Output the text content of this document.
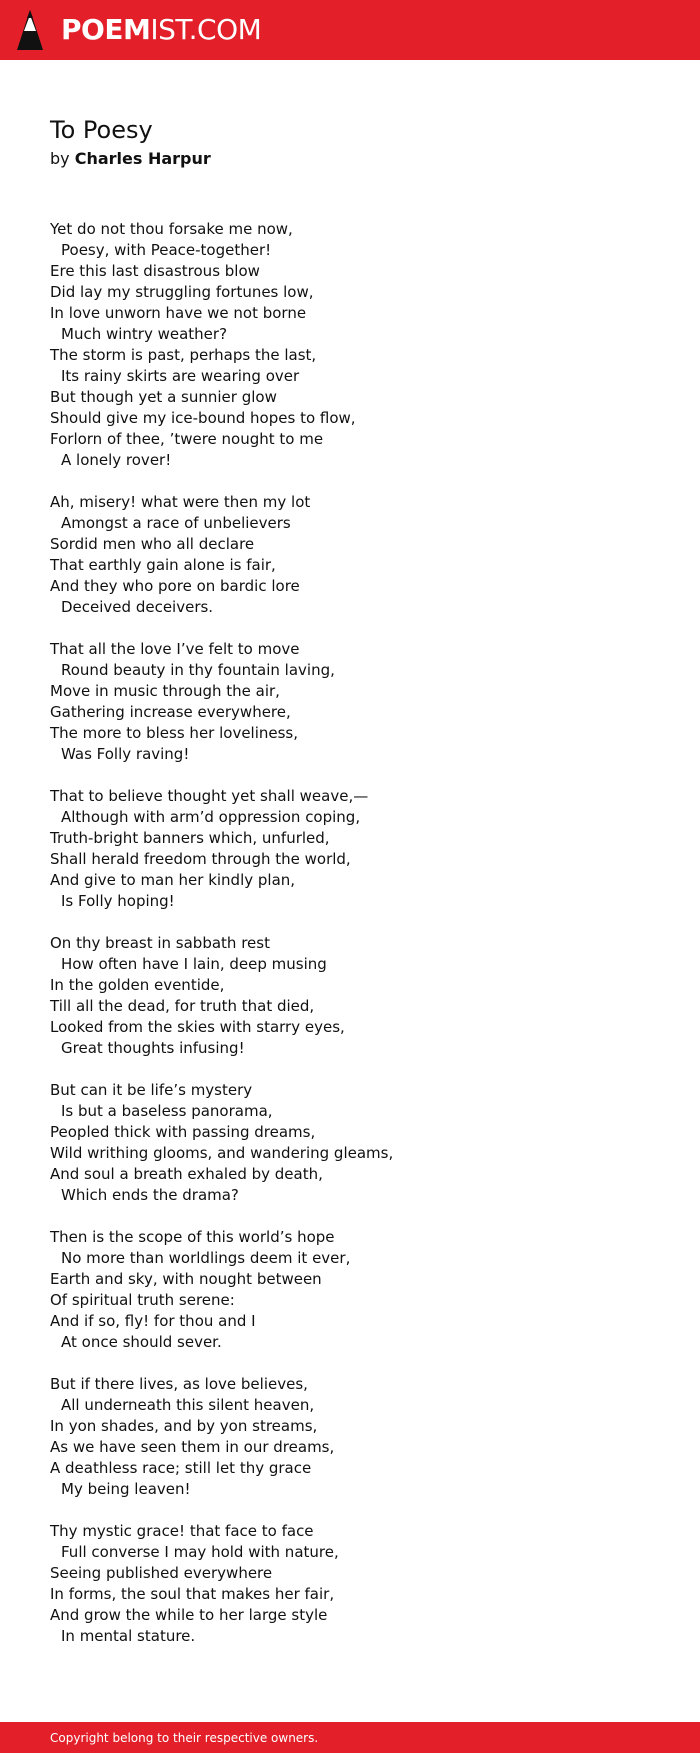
POEMIST.COM
To Poesy
by Charles Harpur
Yet do not thou forsake me now,
Poesy, with Peace-together!
Ere this last disastrous blow
Did lay my struggling fortunes low,
In love unworn have we not borne
Much wintry weather?
The storm is past, perhaps the last,
Its rainy skirts are wearing over
But though yet a sunnier glow
Should give my ice-bound hopes to flow,
Forlorn of thee, ’twere nought to me
A lonely rover!
Ah, misery! what were then my lot
Amongst a race of unbelievers
Sordid men who all declare
That earthly gain alone is fair,
And they who pore on bardic lore
Deceived deceivers.
That all the love I’ve felt to move
Round beauty in thy fountain laving,
Move in music through the air,
Gathering increase everywhere,
The more to bless her loveliness,
Was Folly raving!
That to believe thought yet shall weave,—
Although with arm’d oppression coping,
Truth-bright banners which, unfurled,
Shall herald freedom through the world,
And give to man her kindly plan,
Is Folly hoping!
On thy breast in sabbath rest
How often have I lain, deep musing
In the golden eventide,
Till all the dead, for truth that died,
Looked from the skies with starry eyes,
Great thoughts infusing!
But can it be life’s mystery
Is but a baseless panorama,
Peopled thick with passing dreams,
Wild writhing glooms, and wandering gleams,
And soul a breath exhaled by death,
Which ends the drama?
Then is the scope of this world’s hope
No more than worldlings deem it ever,
Earth and sky, with nought between
Of spiritual truth serene:
And if so, fly! for thou and I
At once should sever.
But if there lives, as love believes,
All underneath this silent heaven,
In yon shades, and by yon streams,
As we have seen them in our dreams,
A deathless race; still let thy grace
My being leaven!
Thy mystic grace! that face to face
Full converse I may hold with nature,
Seeing published everywhere
In forms, the soul that makes her fair,
And grow the while to her large style
In mental stature.
Copyright belong to their respective owners.
